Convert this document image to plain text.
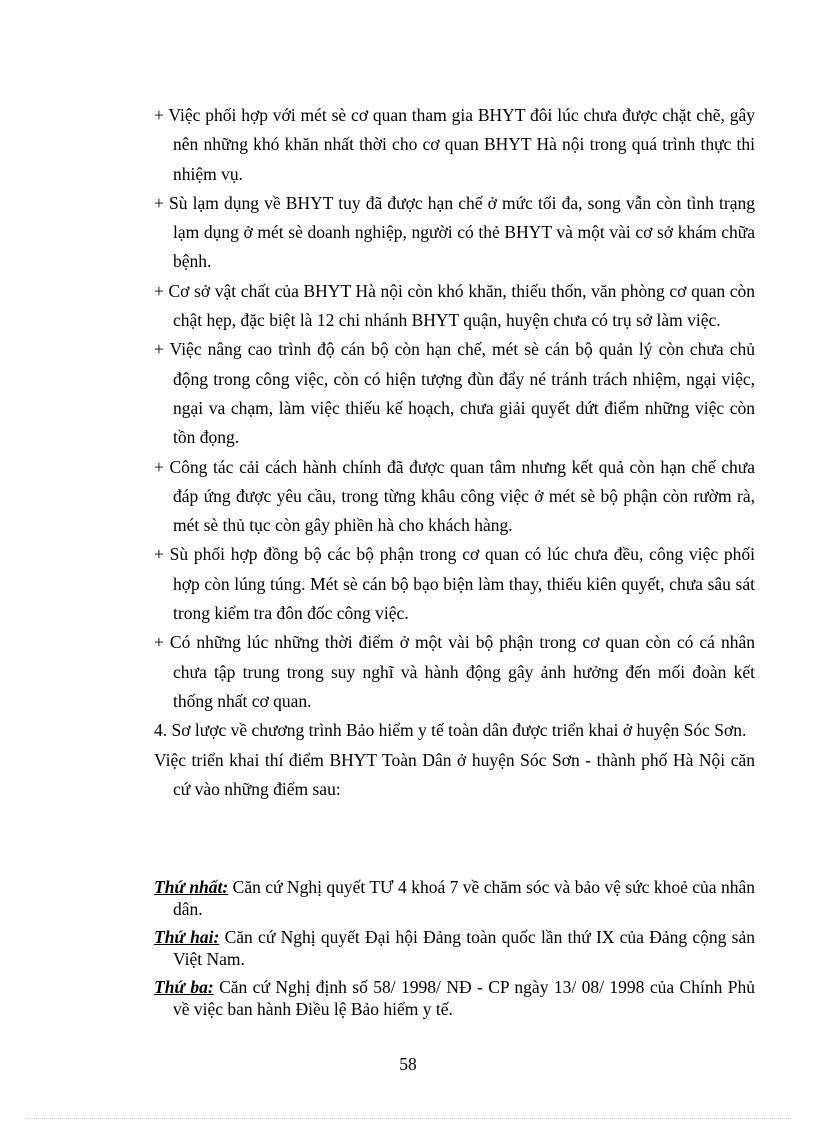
+ Việc phối hợp với mét sè cơ quan tham gia BHYT đôi lúc chưa được chặt chẽ, gây nên những khó khăn nhất thời cho cơ quan BHYT Hà nội trong quá trình thực thi nhiệm vụ.

+ Sù lạm dụng về BHYT tuy đã được hạn chế ở mức tối đa, song vẫn còn tình trạng lạm dụng ở mét sè doanh nghiệp, người có thẻ BHYT và một vài cơ sở khám chữa bệnh.

+ Cơ sở vật chất của BHYT Hà nội còn khó khăn, thiếu thốn, văn phòng cơ quan còn chật hẹp, đặc biệt là 12 chi nhánh BHYT quận, huyện chưa có trụ sở làm việc.

+ Việc nâng cao trình độ cán bộ còn hạn chế, mét sè cán bộ quản lý còn chưa chủ động trong công việc, còn có hiện tượng đùn đẩy né tránh trách nhiệm, ngại việc, ngại va chạm, làm việc thiếu kế hoạch, chưa giải quyết dứt điểm những việc còn tồn đọng.

+ Công tác cải cách hành chính đã được quan tâm nhưng kết quả còn hạn chế chưa đáp ứng được yêu cầu, trong từng khâu công việc ở mét sè bộ phận còn rườm rà, mét sè thủ tục còn gây phiền hà cho khách hàng.

+ Sù phối hợp đồng bộ các bộ phận trong cơ quan có lúc chưa đều, công việc phối hợp còn lúng túng. Mét sè cán bộ bạo biện làm thay, thiếu kiên quyết, chưa sâu sát trong kiểm tra đôn đốc công việc.

+ Có những lúc những thời điểm ở một vài bộ phận trong cơ quan còn có cá nhân chưa tập trung trong suy nghĩ và hành động gây ảnh hưởng đến mối đoàn kết thống nhất cơ quan.

4. Sơ lược về chương trình Bảo hiểm y tế toàn dân được triển khai ở huyện Sóc Sơn.

Việc triển khai thí điểm BHYT Toàn Dân ở huyện Sóc Sơn - thành phố Hà Nội căn cứ vào những điểm sau:

Thứ nhất: Căn cứ Nghị quyết TƯ 4 khoá 7 về chăm sóc và bảo vệ sức khoẻ của nhân dân.

Thứ hai: Căn cứ Nghị quyết Đại hội Đảng toàn quốc lần thứ IX của Đảng cộng sản Việt Nam.

Thứ ba: Căn cứ Nghị định số 58/ 1998/ NĐ - CP ngày 13/ 08/ 1998 của Chính Phủ về việc ban hành Điều lệ Bảo hiểm y tế.

58
